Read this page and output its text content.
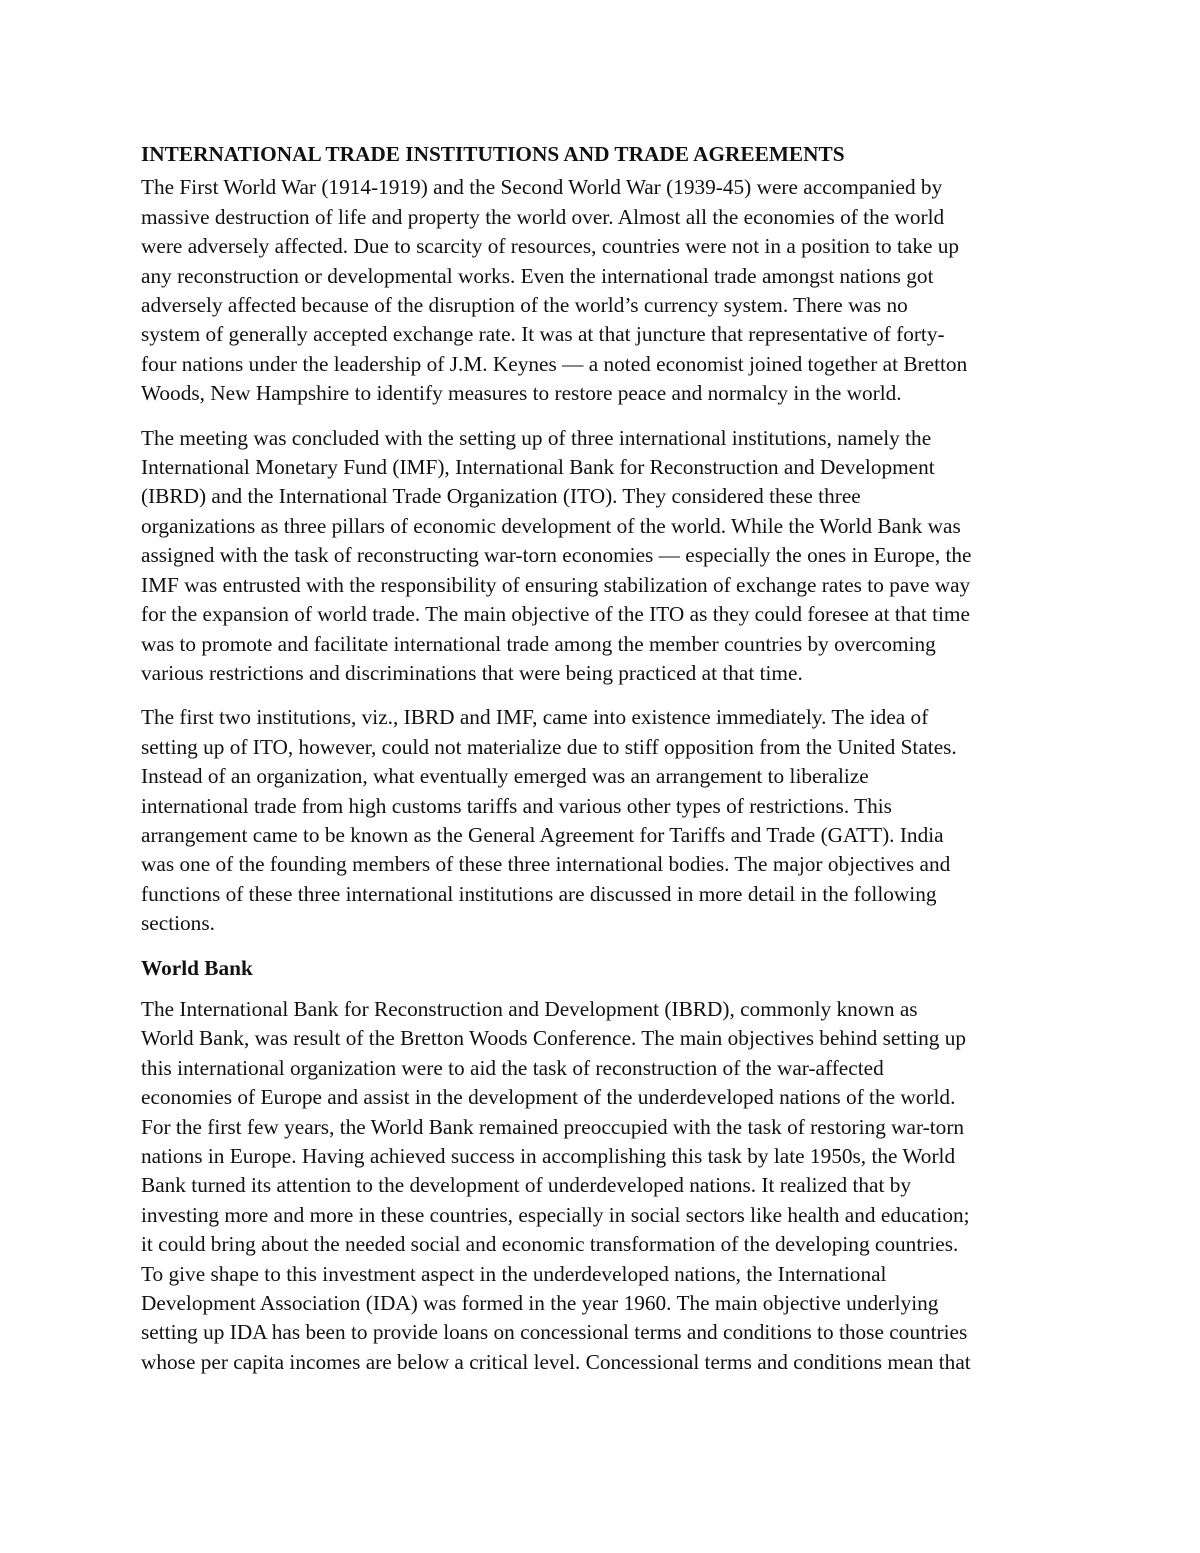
INTERNATIONAL TRADE INSTITUTIONS AND TRADE AGREEMENTS

The First World War (1914-1919) and the Second World War (1939-45) were accompanied by
massive destruction of life and property the world over. Almost all the economies of the world
were adversely affected. Due to scarcity of resources, countries were not in a position to take up
any reconstruction or developmental works. Even the international trade amongst nations got
adversely affected because of the disruption of the world’s currency system. There was no
system of generally accepted exchange rate. It was at that juncture that representative of forty-
four nations under the leadership of J.M. Keynes — a noted economist joined together at Bretton
Woods, New Hampshire to identify measures to restore peace and normalcy in the world.

The meeting was concluded with the setting up of three international institutions, namely the
International Monetary Fund (IMF), International Bank for Reconstruction and Development
(IBRD) and the International Trade Organization (ITO). They considered these three
organizations as three pillars of economic development of the world. While the World Bank was
assigned with the task of reconstructing war-torn economies — especially the ones in Europe, the
IMF was entrusted with the responsibility of ensuring stabilization of exchange rates to pave way
for the expansion of world trade. The main objective of the ITO as they could foresee at that time
was to promote and facilitate international trade among the member countries by overcoming
various restrictions and discriminations that were being practiced at that time.

The first two institutions, viz., IBRD and IMF, came into existence immediately. The idea of
setting up of ITO, however, could not materialize due to stiff opposition from the United States.
Instead of an organization, what eventually emerged was an arrangement to liberalize
international trade from high customs tariffs and various other types of restrictions. This
arrangement came to be known as the General Agreement for Tariffs and Trade (GATT). India
was one of the founding members of these three international bodies. The major objectives and
functions of these three international institutions are discussed in more detail in the following
sections.

World Bank

The International Bank for Reconstruction and Development (IBRD), commonly known as
World Bank, was result of the Bretton Woods Conference. The main objectives behind setting up
this international organization were to aid the task of reconstruction of the war-affected
economies of Europe and assist in the development of the underdeveloped nations of the world.
For the first few years, the World Bank remained preoccupied with the task of restoring war-torn
nations in Europe. Having achieved success in accomplishing this task by late 1950s, the World
Bank turned its attention to the development of underdeveloped nations. It realized that by
investing more and more in these countries, especially in social sectors like health and education;
it could bring about the needed social and economic transformation of the developing countries.
To give shape to this investment aspect in the underdeveloped nations, the International
Development Association (IDA) was formed in the year 1960. The main objective underlying
setting up IDA has been to provide loans on concessional terms and conditions to those countries
whose per capita incomes are below a critical level. Concessional terms and conditions mean that
